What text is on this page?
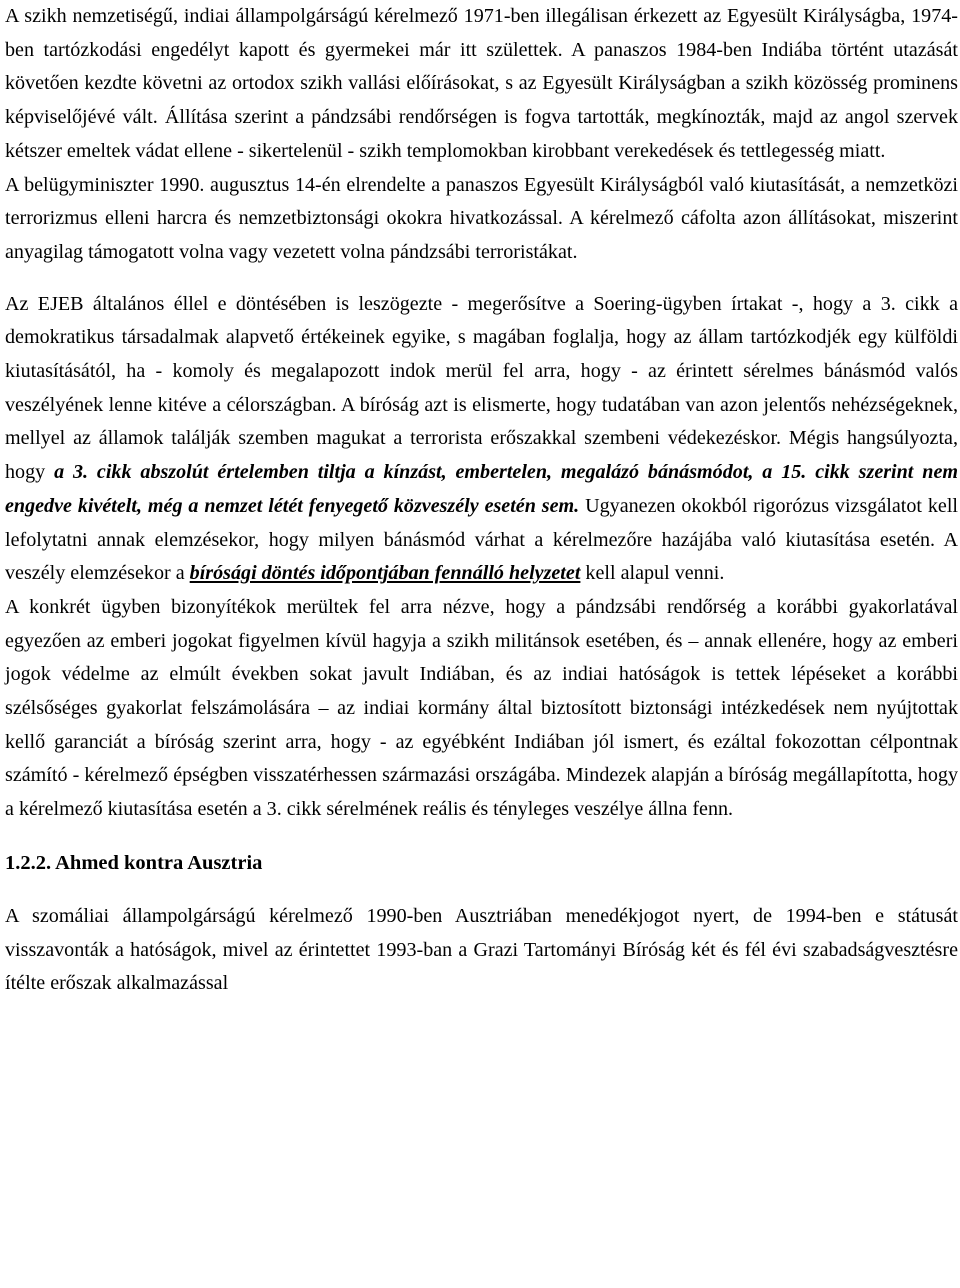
A szikh nemzetiségű, indiai állampolgárságú kérelmező 1971-ben illegálisan érkezett az Egyesült Királyságba, 1974-ben tartózkodási engedélyt kapott és gyermekei már itt születtek. A panaszos 1984-ben Indiába történt utazását követően kezdte követni az ortodox szikh vallási előírásokat, s az Egyesült Királyságban a szikh közösség prominens képviselőjévé vált. Állítása szerint a pándzsábi rendőrségen is fogva tartották, megkínozták, majd az angol szervek kétszer emeltek vádat ellene - sikertelenül - szikh templomokban kirobbant verekedések és tettlegesség miatt.

A belügyminiszter 1990. augusztus 14-én elrendelte a panaszos Egyesült Királyságból való kiutasítását, a nemzetközi terrorizmus elleni harcra és nemzetbiztonsági okokra hivatkozással. A kérelmező cáfolta azon állításokat, miszerint anyagilag támogatott volna vagy vezetett volna pándzsábi terroristákat.

Az EJEB általános éllel e döntésében is leszögezte - megerősítve a Soering-ügyben írtakat -, hogy a 3. cikk a demokratikus társadalmak alapvető értékeinek egyike, s magában foglalja, hogy az állam tartózkodjék egy külföldi kiutasításától, ha - komoly és megalapozott indok merül fel arra, hogy - az érintett sérelmes bánásmód valós veszélyének lenne kitéve a célországban. A bíróság azt is elismerte, hogy tudatában van azon jelentős nehézségeknek, mellyel az államok találják szemben magukat a terrorista erőszakkal szembeni védekezéskor. Mégis hangsúlyozta, hogy a 3. cikk abszolút értelemben tiltja a kínzást, embertelen, megalázó bánásmódot, a 15. cikk szerint nem engedve kivételt, még a nemzet létét fenyegető közveszély esetén sem. Ugyanezen okokból rigorózus vizsgálatot kell lefolytatni annak elemzésekor, hogy milyen bánásmód várhat a kérelmezőre hazájába való kiutasítása esetén. A veszély elemzésekor a bírósági döntés időpontjában fennálló helyzetet kell alapul venni.

A konkrét ügyben bizonyítékok merültek fel arra nézve, hogy a pándzsábi rendőrség a korábbi gyakorlatával egyezően az emberi jogokat figyelmen kívül hagyja a szikh militánsok esetében, és – annak ellenére, hogy az emberi jogok védelme az elmúlt években sokat javult Indiában, és az indiai hatóságok is tettek lépéseket a korábbi szélsőséges gyakorlat felszámolására – az indiai kormány által biztosított biztonsági intézkedések nem nyújtottak kellő garanciát a bíróság szerint arra, hogy - az egyébként Indiában jól ismert, és ezáltal fokozottan célpontnak számító - kérelmező épségben visszatérhessen származási országába. Mindezek alapján a bíróság megállapította, hogy a kérelmező kiutasítása esetén a 3. cikk sérelmének reális és tényleges veszélye állna fenn.

1.2.2. Ahmed kontra Ausztria

A szomáliai állampolgárságú kérelmező 1990-ben Ausztriában menedékjogot nyert, de 1994-ben e státusát visszavonták a hatóságok, mivel az érintettet 1993-ban a Grazi Tartományi Bíróság két és fél évi szabadságvesztésre ítélte erőszak alkalmazással
